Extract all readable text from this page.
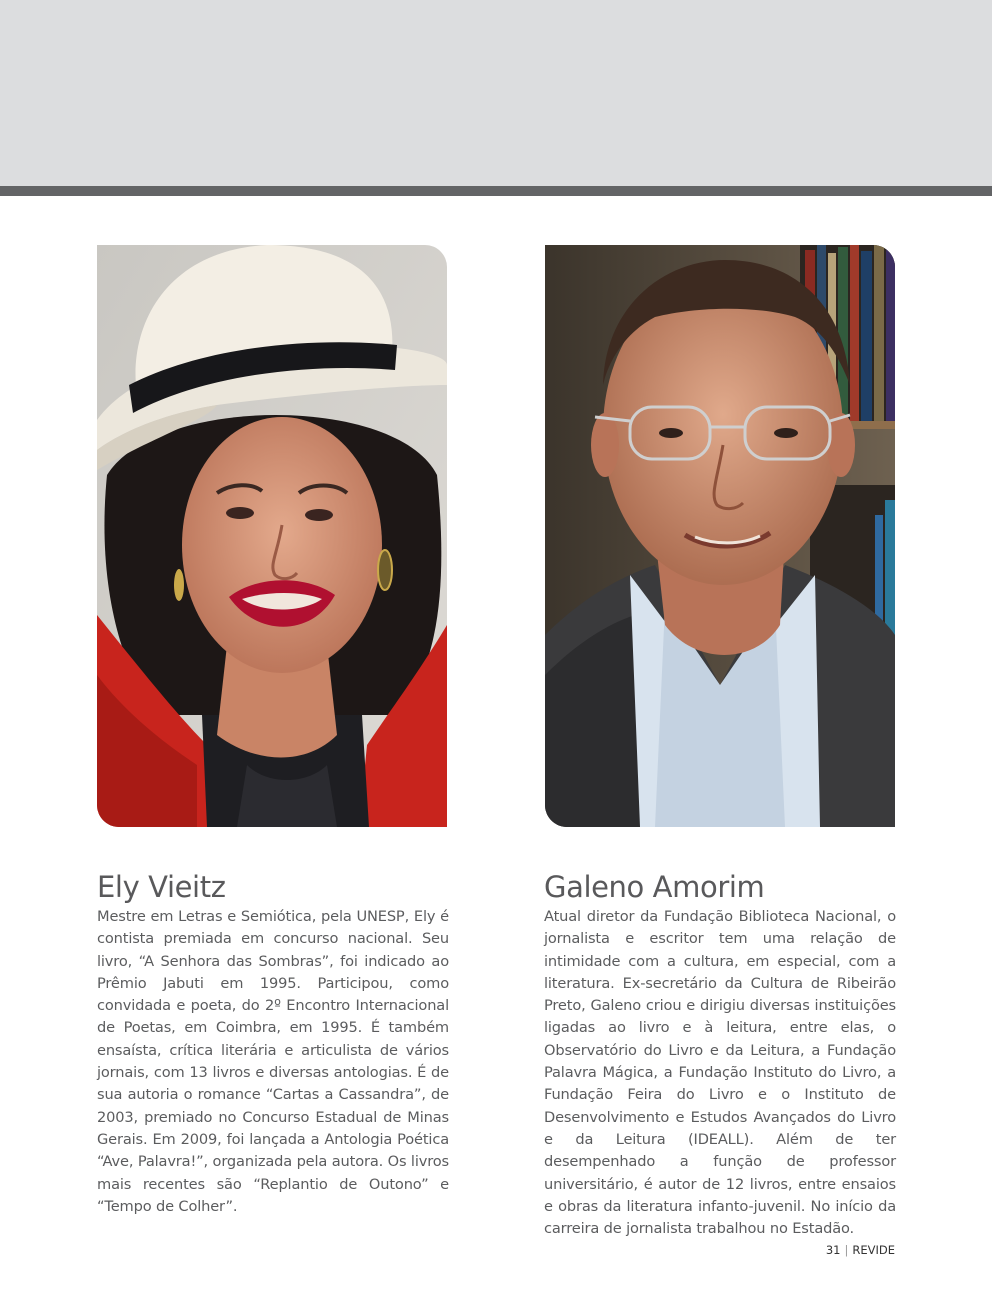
Ely Vieitz

Mestre em Letras e Semiótica, pela UNESP, Ely é contista premiada em concurso nacional. Seu livro, “A Senhora das Sombras”, foi indicado ao Prêmio Jabuti em 1995. Participou, como convidada e poeta, do 2º Encontro Internacional de Poetas, em Coimbra, em 1995. É também ensaísta, crítica literária e articulista de vários jornais, com 13 livros e diversas antologias. É de sua autoria o romance “Cartas a Cassandra”, de 2003, premiado no Concurso Estadual de Minas Gerais. Em 2009, foi lançada a Antologia Poética “Ave, Palavra!”, organizada pela autora. Os livros mais recentes são “Replantio de Outono” e “Tempo de Colher”.

Galeno Amorim

Atual diretor da Fundação Biblioteca Nacional, o jornalista e escritor tem uma relação de intimidade com a cultura, em especial, com a literatura. Ex-secretário da Cultura de Ribeirão Preto, Galeno criou e dirigiu diversas instituições ligadas ao livro e à leitura, entre elas, o Observatório do Livro e da Leitura, a Fundação Palavra Mágica, a Fundação Instituto do Livro, a Fundação Feira do Livro e o Instituto de Desenvolvimento e Estudos Avançados do Livro e da Leitura (IDEALL). Além de ter desempenhado a função de professor universitário, é autor de 12 livros, entre ensaios e obras da literatura infanto-juvenil. No início da carreira de jornalista trabalhou no Estadão.

31 | REVIDE
